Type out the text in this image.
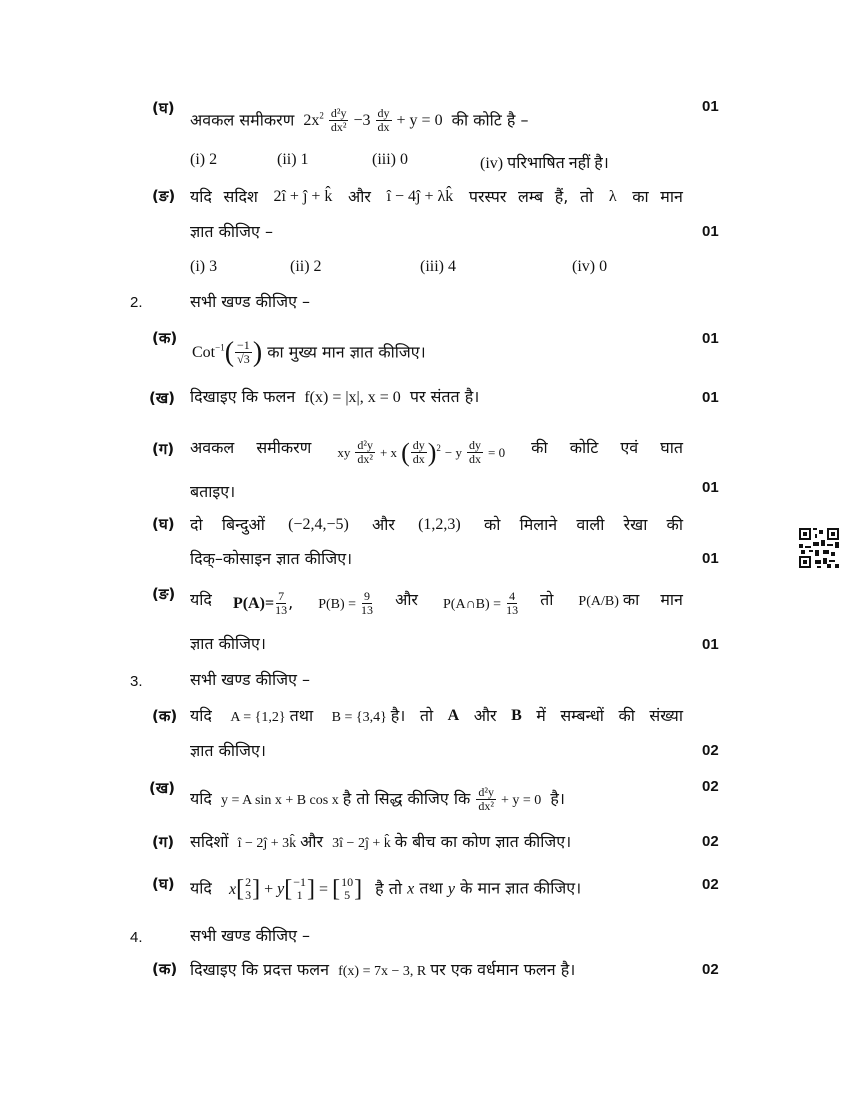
(घ)
अवकल समीकरण $2x^2 \frac{\text{d²y}}{\text{dx²}} -3 \frac{dy}{dx} + y = 0$ की कोटि है –
01
(i) 2	(ii) 1	(iii) 0	(iv) परिभाषित नहीं है।
(ङ) यदि सदिश 2î + ĵ + k̂ और î − 4ĵ + λk̂ परस्पर लम्ब हैं, तो λ का मान
ज्ञात कीजिए –	01
(i) 3	(ii) 2	(iii) 4	(iv) 0
2.	सभी खण्ड कीजिए –
(क)
$Cot^{-1}( \frac{-1}{√3}$ ) का मुख्य मान ज्ञात कीजिए।
01
(ख) दिखाइए कि फलन f(x) = |x|, x = 0 पर संतत है।	01
(ग) अवकल समीकरण	xy $\frac{\text{d²y}}{\text{dx²}} + x$ ( $\frac{dy}{dx} )^2 - y \frac{dy}{dx} = 0$ की कोटि एवं घात
बताइए।	01
(घ) दो बिन्दुओं (−2,4,−5) और (1,2,3) को मिलाने वाली रेखा की
दिक्–कोसाइन ज्ञात कीजिए।	01
(ङ) यदि $P(A)= \frac{7}{13}$ , $P(B) = \frac{9}{13}$ और P(A∩B) = $\frac{4}{13}$ तो P(A/B) का मान
ज्ञात कीजिए।	01
3.	सभी खण्ड कीजिए –
(क) यदि A = {1,2} तथा B = {3,4} है। तो A और B में सम्बन्धों की संख्या
ज्ञात कीजिए।	02
(ख)
यदि y = A sin x + B cos x है तो सिद्ध कीजिए कि $\frac{\text{d²y}}{\text{dx²}} + y = 0$ है।
02
(ग) सदिशों î − 2ĵ + 3k̂ और 3î − 2ĵ + k̂ के बीच का कोण ज्ञात कीजिए।	02
(घ) यदि x[ 2
3 ] + y[ −1
1 ] = [ 10
5 ] है तो x तथा y के मान ज्ञात कीजिए।	02
4.	सभी खण्ड कीजिए –
(क) दिखाइए कि प्रदत्त फलन f(x) = 7x − 3, R पर एक वर्धमान फलन है।	02
